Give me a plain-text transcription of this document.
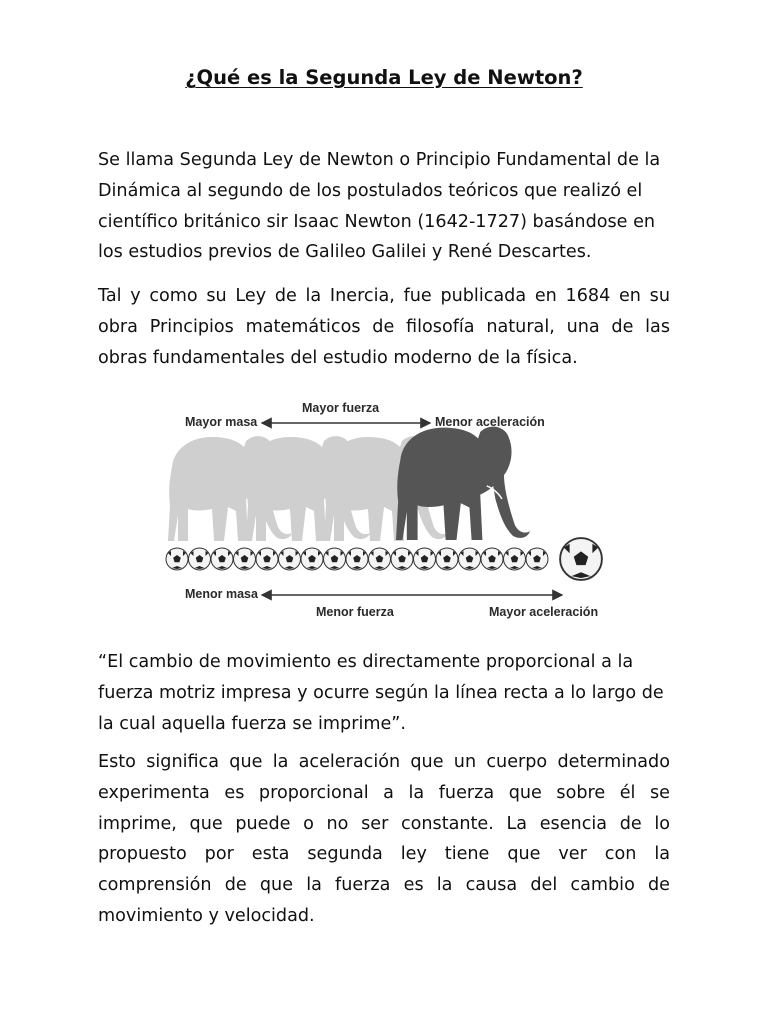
¿Qué es la Segunda Ley de Newton?

Se llama Segunda Ley de Newton o Principio Fundamental de la Dinámica al segundo de los postulados teóricos que realizó el científico británico sir Isaac Newton (1642-1727) basándose en los estudios previos de Galileo Galilei y René Descartes.

Tal y como su Ley de la Inercia, fue publicada en 1684 en su obra Principios matemáticos de filosofía natural, una de las obras fundamentales del estudio moderno de la física.

Mayor masa
Mayor fuerza
Menor aceleración
Menor masa
Menor fuerza	Mayor aceleración

“El cambio de movimiento es directamente proporcional a la fuerza motriz impresa y ocurre según la línea recta a lo largo de la cual aquella fuerza se imprime”.

Esto significa que la aceleración que un cuerpo determinado experimenta es proporcional a la fuerza que sobre él se imprime, que puede o no ser constante. La esencia de lo propuesto por esta segunda ley tiene que ver con la comprensión de que la fuerza es la causa del cambio de movimiento y velocidad.
